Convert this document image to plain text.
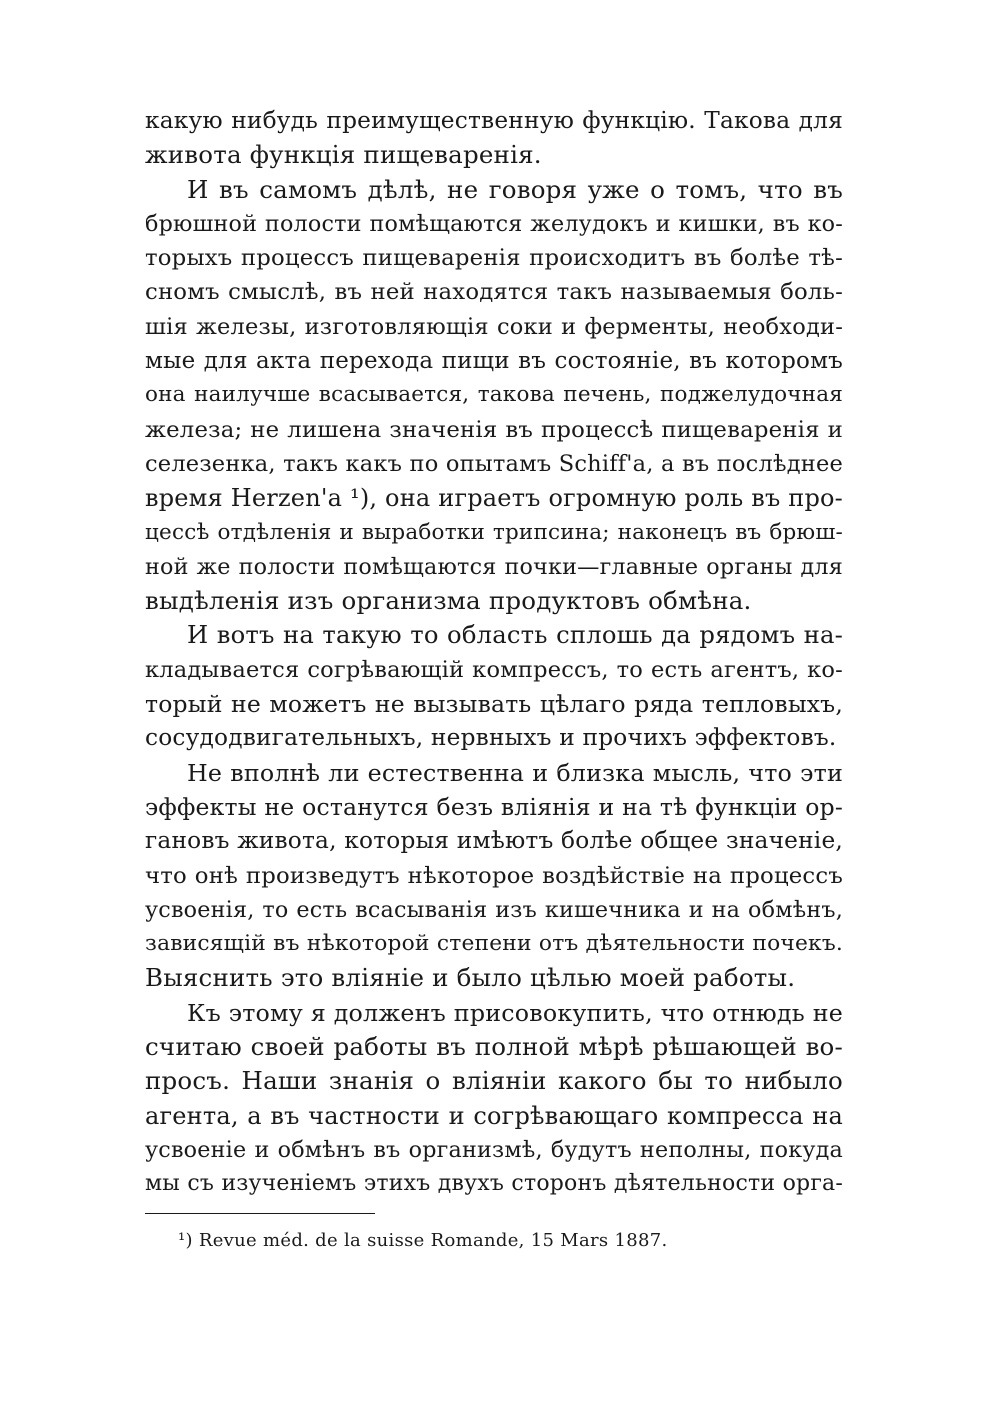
какую нибудь преимущественную функцію. Такова для
живота функція пищеваренія.
И въ самомъ дѣлѣ, не говоря уже о томъ, что въ
брюшной полости помѣщаются желудокъ и кишки, въ ко-
торыхъ процессъ пищеваренія происходитъ въ болѣе тѣ-
сномъ смыслѣ, въ ней находятся такъ называемыя боль-
шія железы, изготовляющія соки и ферменты, необходи-
мые для акта перехода пищи въ состояніе, въ которомъ
она наилучше всасывается, такова печень, поджелудочная
железа; не лишена значенія въ процессѣ пищеваренія и
селезенка, такъ какъ по опытамъ Schiff'a, а въ послѣднее
время Herzen'a ¹), она играетъ огромную роль въ про-
цессѣ отдѣленія и выработки трипсина; наконецъ въ брюш-
ной же полости помѣщаются почки—главные органы для
выдѣленія изъ организма продуктовъ обмѣна.
И вотъ на такую то область сплошь да рядомъ на-
кладывается согрѣвающій компрессъ, то есть агентъ, ко-
торый не можетъ не вызывать цѣлаго ряда тепловыхъ,
сосудодвигательныхъ, нервныхъ и прочихъ эффектовъ.
Не вполнѣ ли естественна и близка мысль, что эти
эффекты не останутся безъ вліянія и на тѣ функціи ор-
гановъ живота, которыя имѣютъ болѣе общее значеніе,
что онѣ произведутъ нѣкоторое воздѣйствіе на процессъ
усвоенія, то есть всасыванія изъ кишечника и на обмѣнъ,
зависящій въ нѣкоторой степени отъ дѣятельности почекъ.
Выяснить это вліяніе и было цѣлью моей работы.
Къ этому я долженъ присовокупить, что отнюдь не
считаю своей работы въ полной мѣрѣ рѣшающей во-
просъ. Наши знанія о вліяніи какого бы то нибыло
агента, а въ частности и согрѣвающаго компресса на
усвоеніе и обмѣнъ въ организмѣ, будутъ неполны, покуда
мы съ изученіемъ этихъ двухъ сторонъ дѣятельности орга-
¹) Revue méd. de la suisse Romande, 15 Mars 1887.
